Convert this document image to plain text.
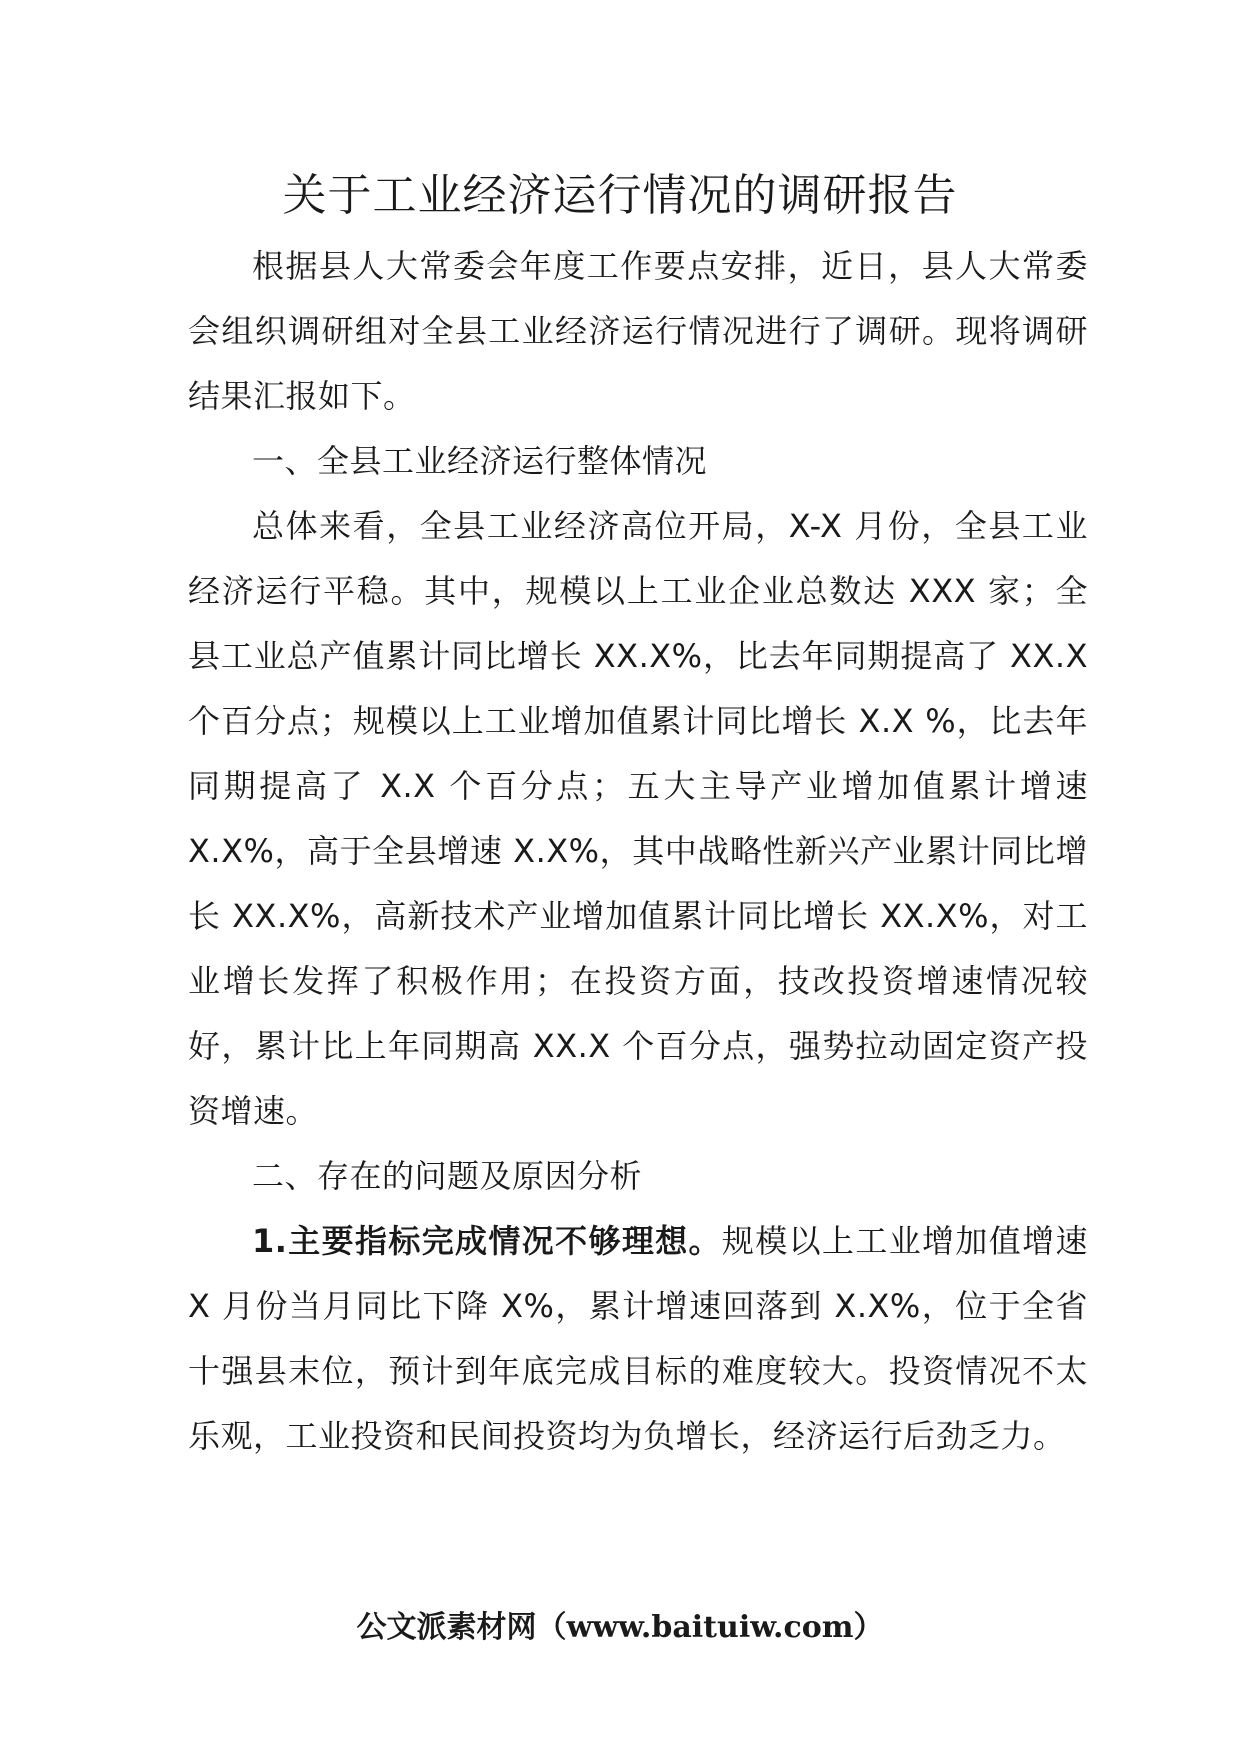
关于工业经济运行情况的调研报告

根据县人大常委会年度工作要点安排，近日，县人大常委会组织调研组对全县工业经济运行情况进行了调研。现将调研结果汇报如下。

一、全县工业经济运行整体情况

总体来看，全县工业经济高位开局，X-X 月份，全县工业经济运行平稳。其中，规模以上工业企业总数达 XXX 家；全县工业总产值累计同比增长 XX.X%，比去年同期提高了 XX.X 个百分点；规模以上工业增加值累计同比增长 X.X %，比去年同期提高了 X.X 个百分点；五大主导产业增加值累计增速 X.X%，高于全县增速 X.X%，其中战略性新兴产业累计同比增长 XX.X%，高新技术产业增加值累计同比增长 XX.X%，对工业增长发挥了积极作用；在投资方面，技改投资增速情况较好，累计比上年同期高 XX.X 个百分点，强势拉动固定资产投资增速。

二、存在的问题及原因分析

1.主要指标完成情况不够理想。规模以上工业增加值增速 X 月份当月同比下降 X%，累计增速回落到 X.X%，位于全省十强县末位，预计到年底完成目标的难度较大。投资情况不太乐观，工业投资和民间投资均为负增长，经济运行后劲乏力。

公文派素材网（www.baituiw.com）
